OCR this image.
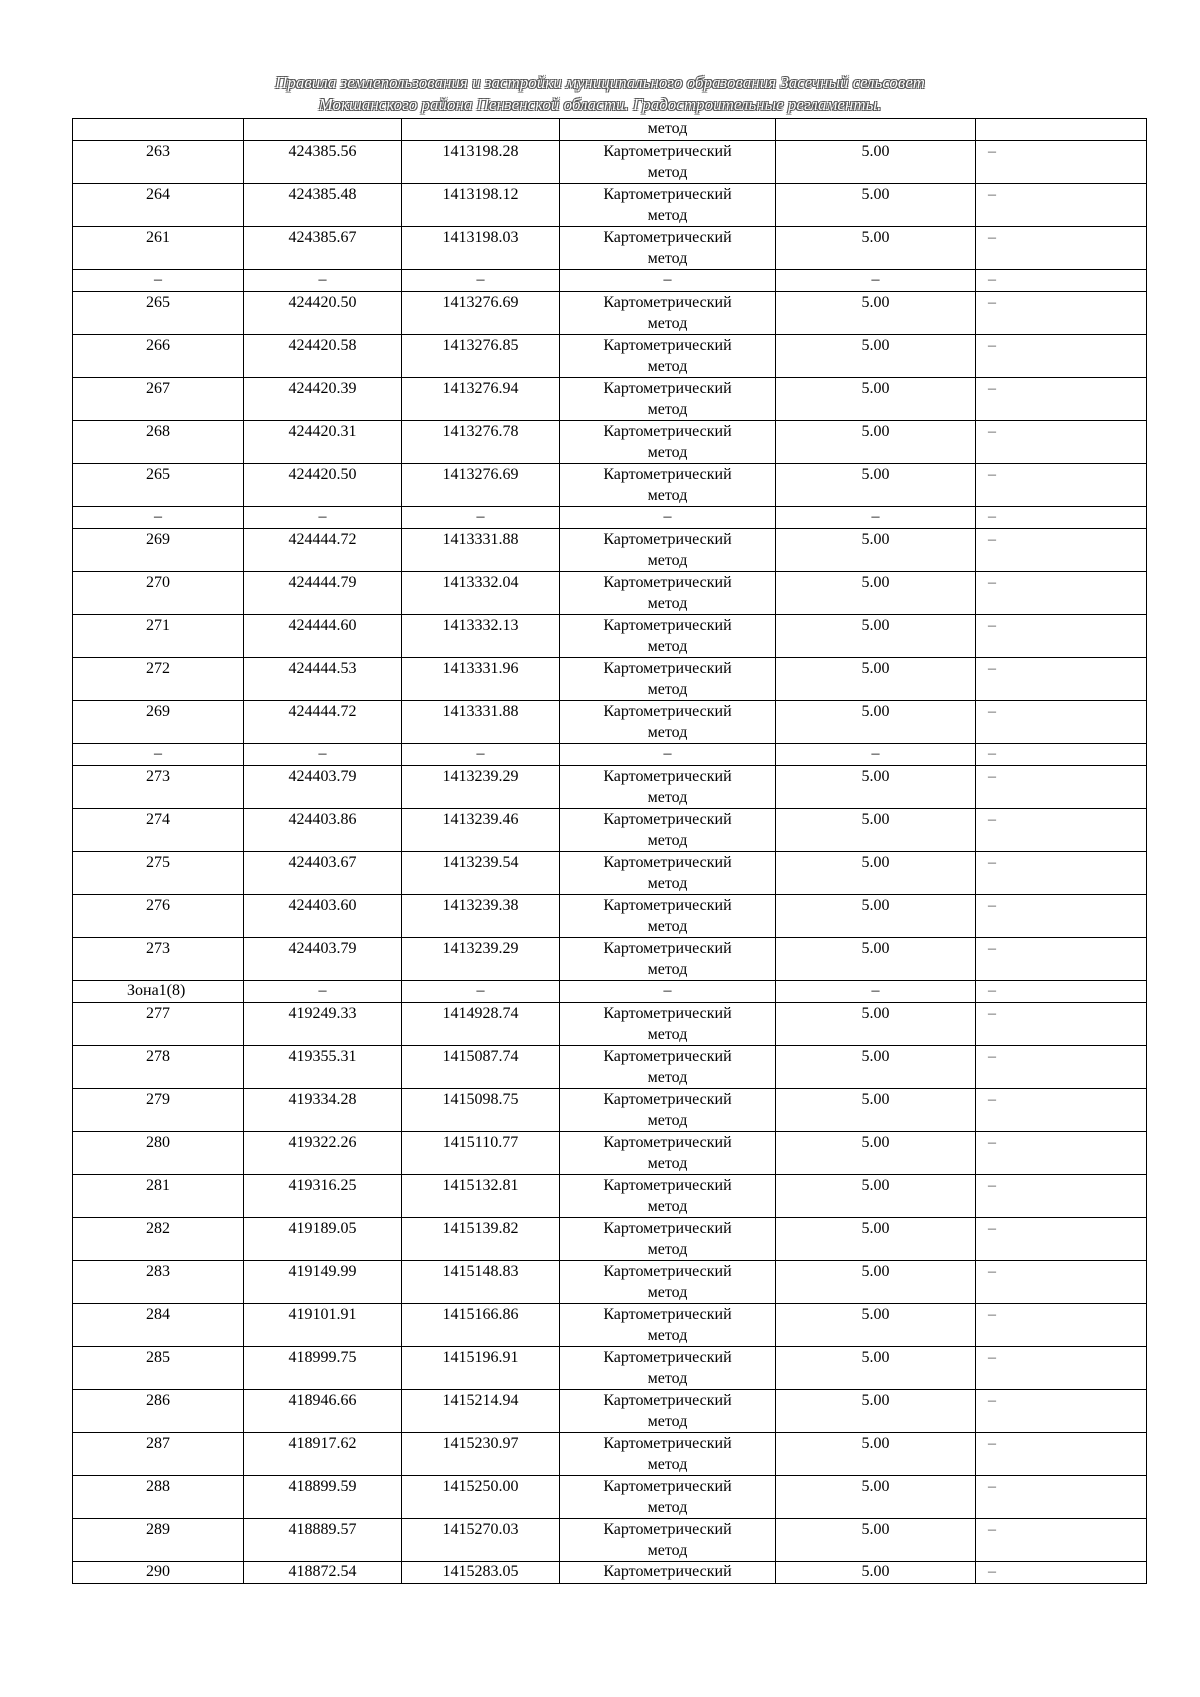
Правила землепользования и застройки муниципального образования Засечный сельсовет
Мокшанского района Пензенской области. Градостроительные регламенты.
			метод		
263	424385.56	1413198.28	Картометрический
метод	5.00	–
264	424385.48	1413198.12	Картометрический
метод	5.00	–
261	424385.67	1413198.03	Картометрический
метод	5.00	–
–	–	–	–	–	–
265	424420.50	1413276.69	Картометрический
метод	5.00	–
266	424420.58	1413276.85	Картометрический
метод	5.00	–
267	424420.39	1413276.94	Картометрический
метод	5.00	–
268	424420.31	1413276.78	Картометрический
метод	5.00	–
265	424420.50	1413276.69	Картометрический
метод	5.00	–
–	–	–	–	–	–
269	424444.72	1413331.88	Картометрический
метод	5.00	–
270	424444.79	1413332.04	Картометрический
метод	5.00	–
271	424444.60	1413332.13	Картометрический
метод	5.00	–
272	424444.53	1413331.96	Картометрический
метод	5.00	–
269	424444.72	1413331.88	Картометрический
метод	5.00	–
–	–	–	–	–	–
273	424403.79	1413239.29	Картометрический
метод	5.00	–
274	424403.86	1413239.46	Картометрический
метод	5.00	–
275	424403.67	1413239.54	Картометрический
метод	5.00	–
276	424403.60	1413239.38	Картометрический
метод	5.00	–
273	424403.79	1413239.29	Картометрический
метод	5.00	–

Зона1(8)	–	–	–	–	–
277	419249.33	1414928.74	Картометрический
метод	5.00	–
278	419355.31	1415087.74	Картометрический
метод	5.00	–
279	419334.28	1415098.75	Картометрический
метод	5.00	–
280	419322.26	1415110.77	Картометрический
метод	5.00	–
281	419316.25	1415132.81	Картометрический
метод	5.00	–
282	419189.05	1415139.82	Картометрический
метод	5.00	–
283	419149.99	1415148.83	Картометрический
метод	5.00	–
284	419101.91	1415166.86	Картометрический
метод	5.00	–
285	418999.75	1415196.91	Картометрический
метод	5.00	–
286	418946.66	1415214.94	Картометрический
метод	5.00	–
287	418917.62	1415230.97	Картометрический
метод	5.00	–
288	418899.59	1415250.00	Картометрический
метод	5.00	–
289	418889.57	1415270.03	Картометрический
метод	5.00	–
290	418872.54	1415283.05	Картометрический	5.00	–
